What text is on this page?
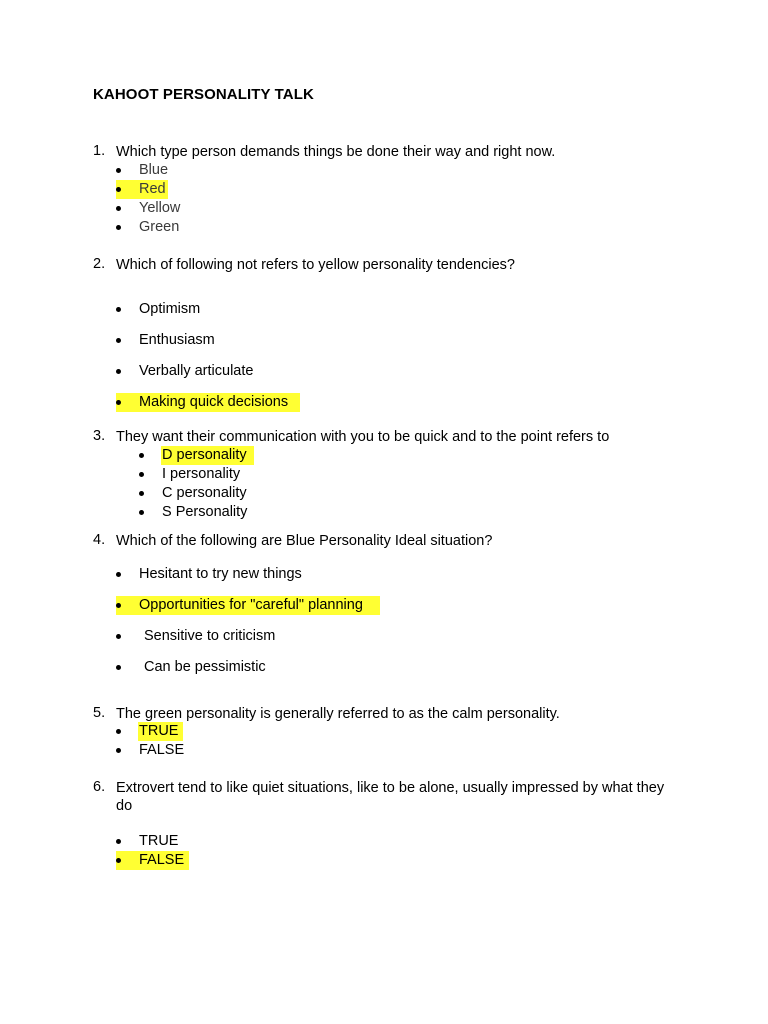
KAHOOT PERSONALITY TALK
1. Which type person demands things be done their way and right now.
Blue
Red
Yellow
Green
2. Which of following not refers to yellow personality tendencies?
Optimism
Enthusiasm
Verbally articulate
Making quick decisions
3. They want their communication with you to be quick and to the point refers to
D personality
I personality
C personality
S Personality
4. Which of the following are Blue Personality Ideal situation?
Hesitant to try new things
Opportunities for "careful" planning
Sensitive to criticism
Can be pessimistic
5. The green personality is generally referred to as the calm personality.
TRUE
FALSE
6. Extrovert tend to like quiet situations, like to be alone, usually impressed by what they do
TRUE
FALSE
